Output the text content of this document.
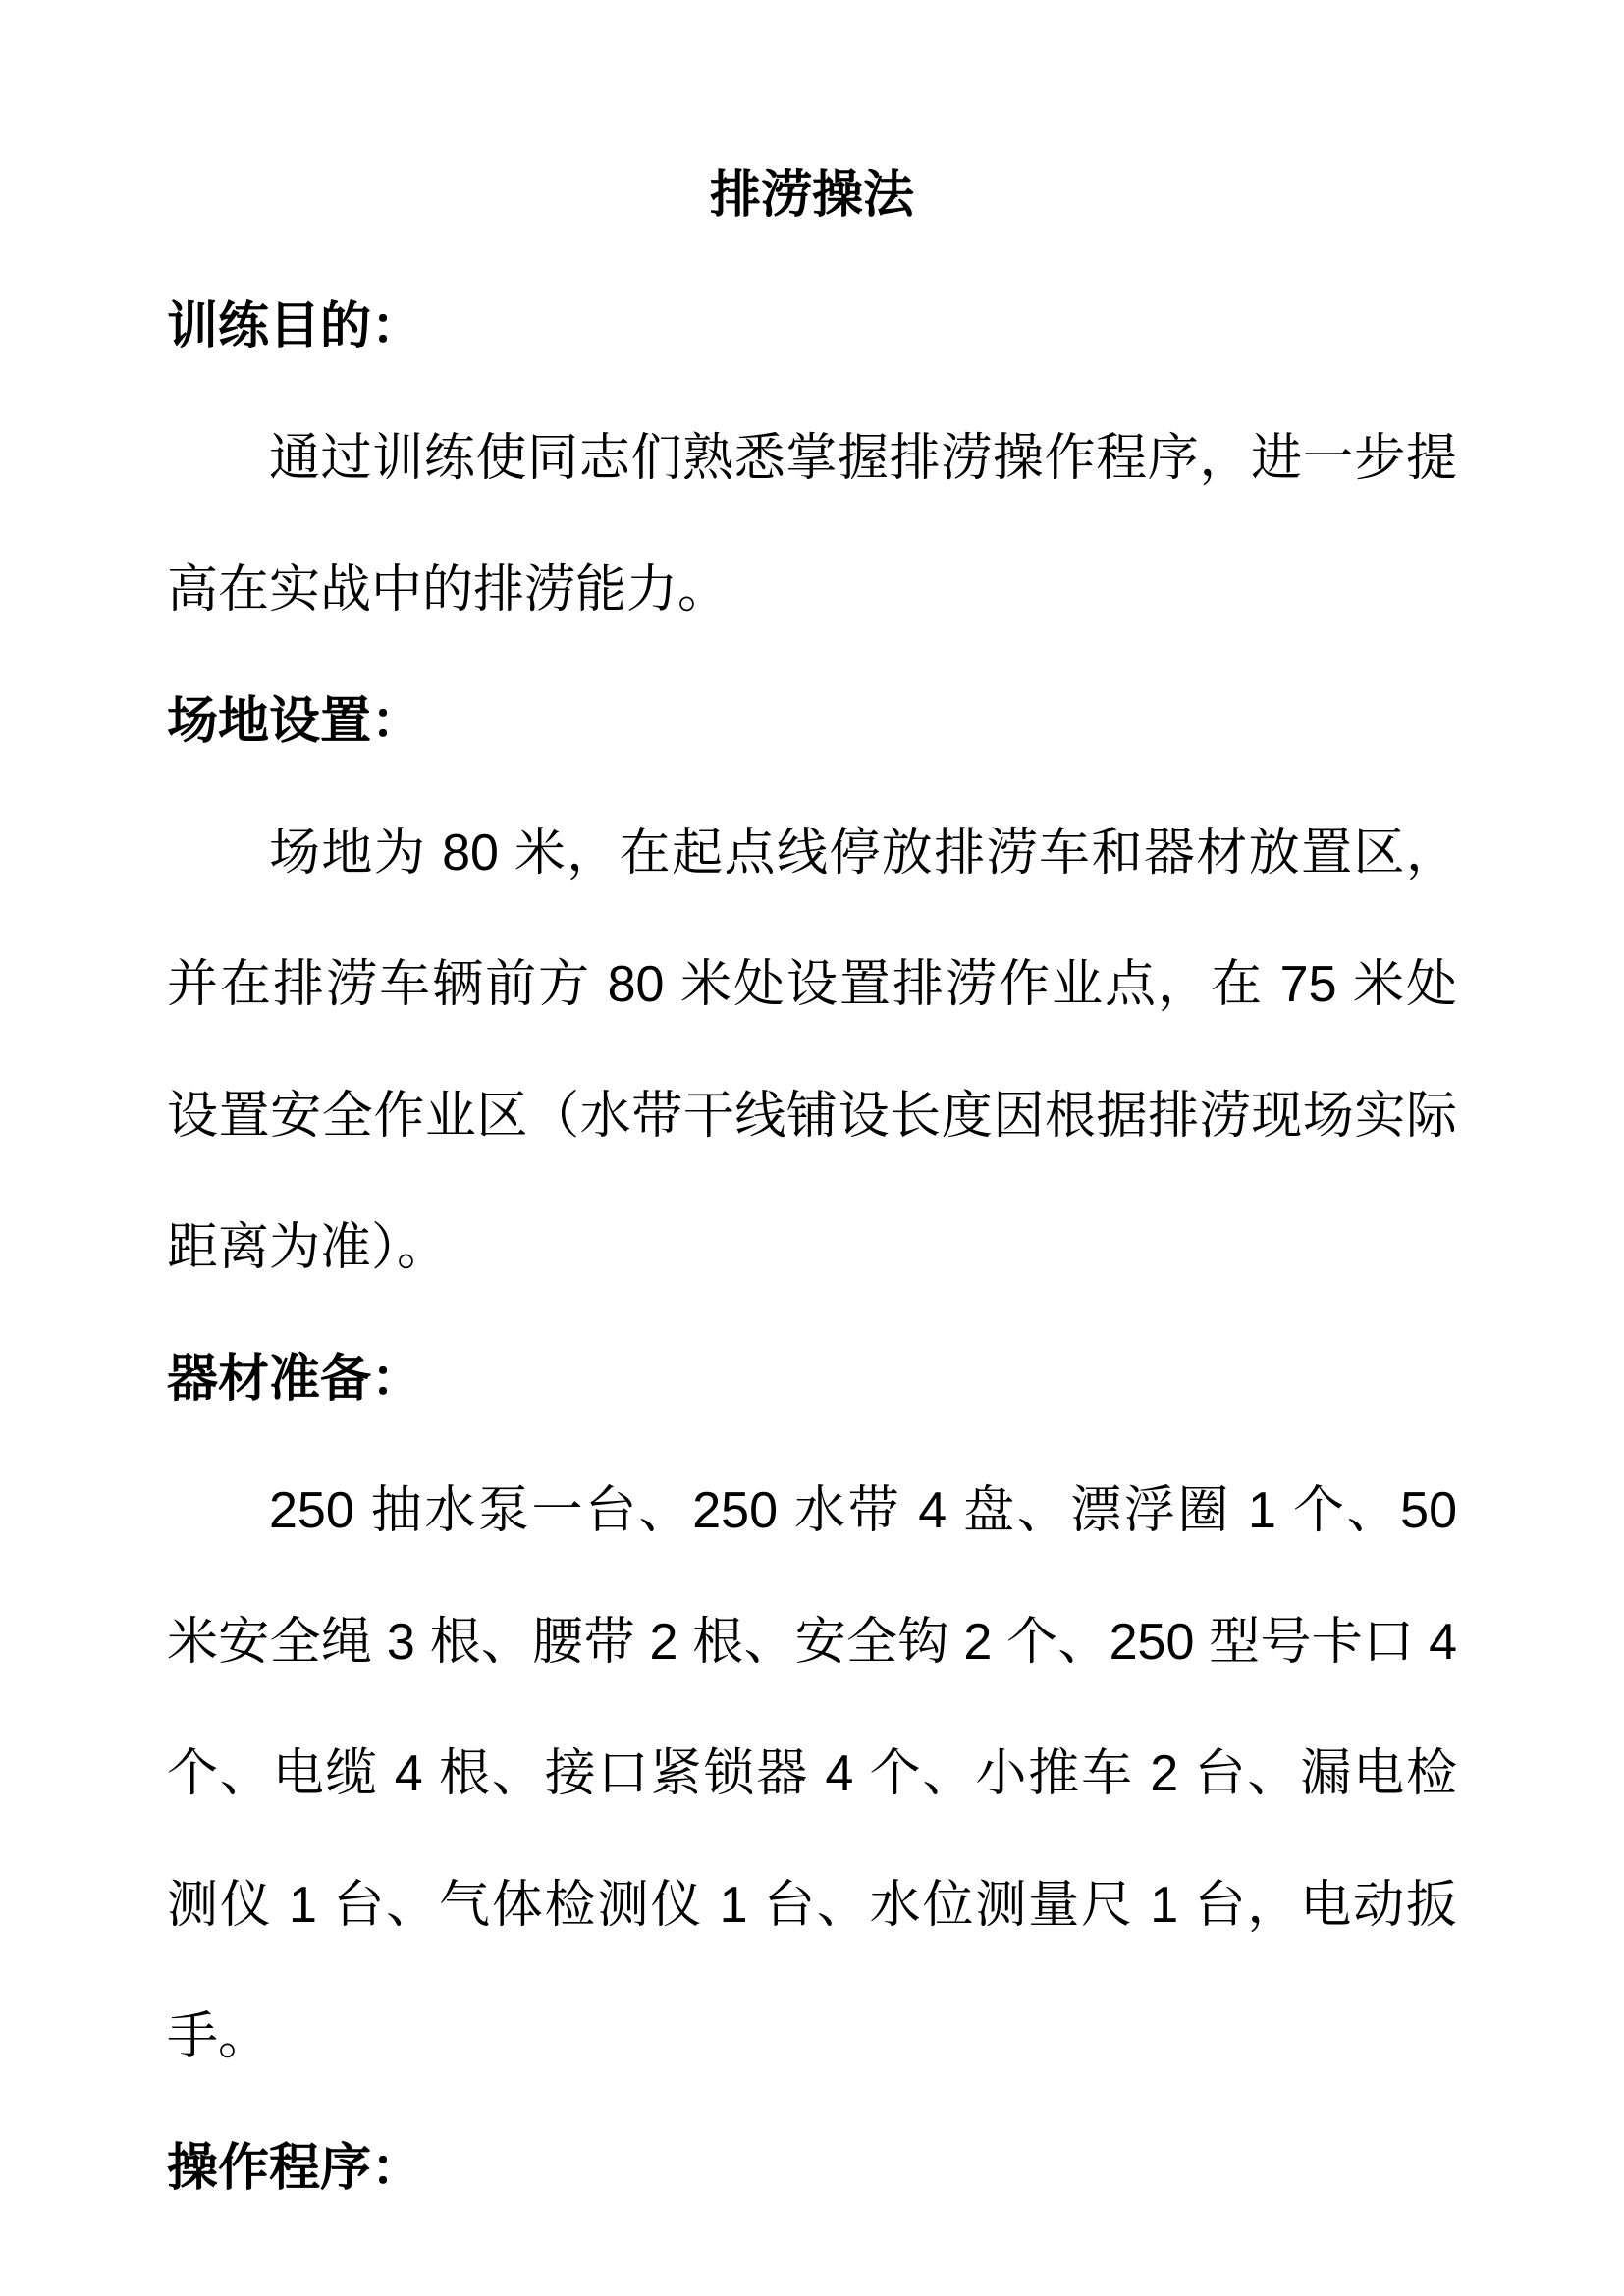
排涝操法

训练目的：

通过训练使同志们熟悉掌握排涝操作程序，进一步提高在实战中的排涝能力。

场地设置：

场地为 80 米，在起点线停放排涝车和器材放置区，并在排涝车辆前方 80 米处设置排涝作业点，在 75 米处设置安全作业区（水带干线铺设长度因根据排涝现场实际距离为准）。

器材准备：

250 抽水泵一台、250 水带 4 盘、漂浮圈 1 个、50 米安全绳 3 根、腰带 2 根、安全钩 2 个、250 型号卡口 4 个、电缆 4 根、接口紧锁器 4 个、小推车 2 台、漏电检测仪 1 台、气体检测仪 1 台、水位测量尺 1 台，电动扳手。

操作程序：
